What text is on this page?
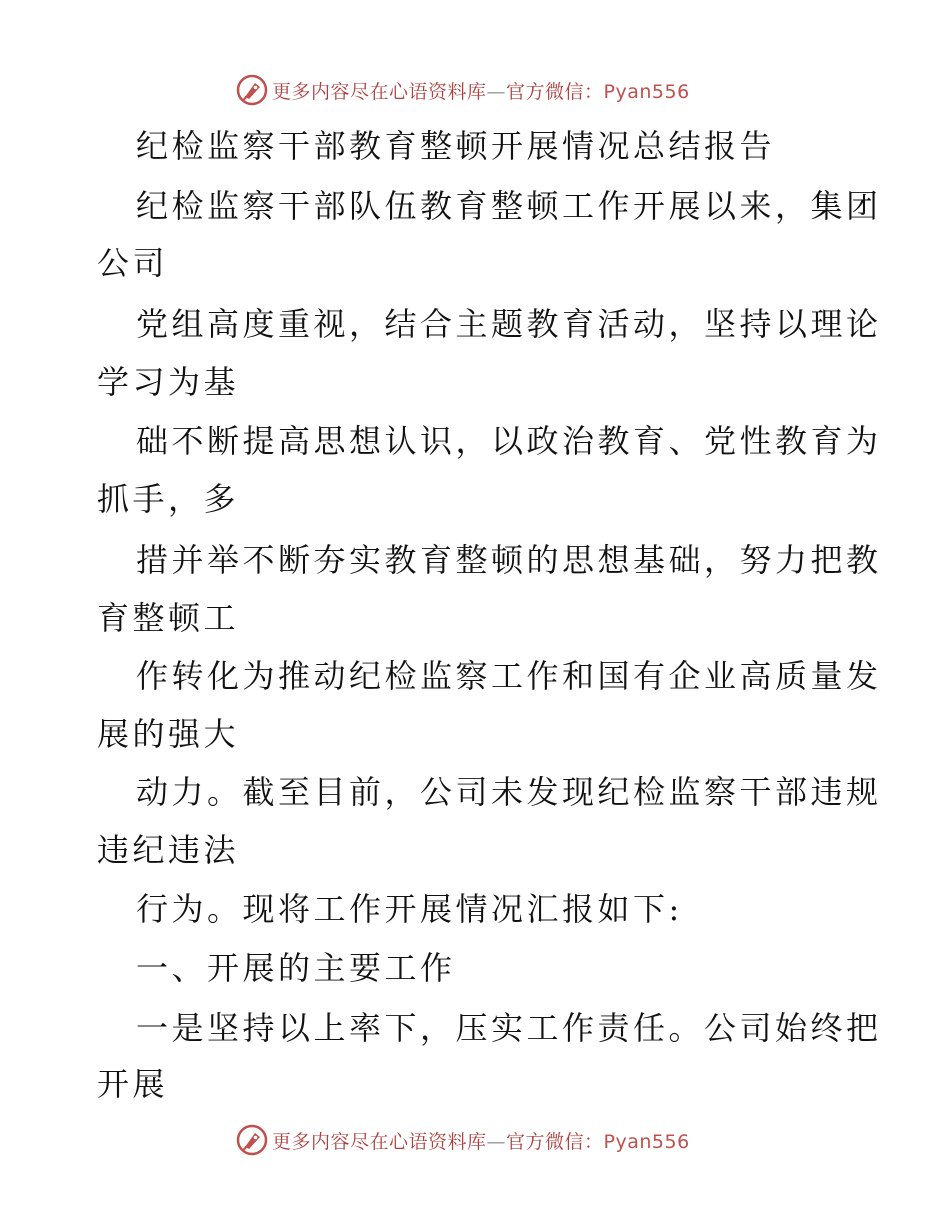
更多内容尽在心语资料库—官方微信：Pyan556
纪检监察干部教育整顿开展情况总结报告
纪检监察干部队伍教育整顿工作开展以来，集团
公司
党组高度重视，结合主题教育活动，坚持以理论
学习为基
础不断提高思想认识，以政治教育、党性教育为
抓手，多
措并举不断夯实教育整顿的思想基础，努力把教
育整顿工
作转化为推动纪检监察工作和国有企业高质量发
展的强大
动力。截至目前，公司未发现纪检监察干部违规
违纪违法
行为。现将工作开展情况汇报如下:
一、开展的主要工作
一是坚持以上率下，压实工作责任。公司始终把
开展
更多内容尽在心语资料库—官方微信：Pyan556
